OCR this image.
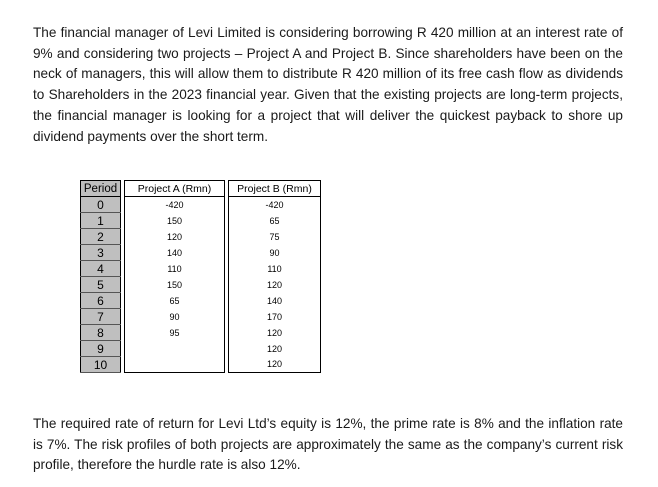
The financial manager of Levi Limited is considering borrowing R 420 million at an interest rate of 9% and considering two projects – Project A and Project B. Since shareholders have been on the neck of managers, this will allow them to distribute R 420 million of its free cash flow as dividends to Shareholders in the 2023 financial year. Given that the existing projects are long-term projects, the financial manager is looking for a project that will deliver the quickest payback to shore up dividend payments over the short term.

Period		Project A (Rmn)		Project B (Rmn)
0		-420		-420
1		150		65
2		120		75
3		140		90
4		110		110
5		150		120
6		65		140
7		90		170
8		95		120
9				120
10				120

The required rate of return for Levi Ltd’s equity is 12%, the prime rate is 8% and the inflation rate is 7%. The risk profiles of both projects are approximately the same as the company’s current risk profile, therefore the hurdle rate is also 12%.
